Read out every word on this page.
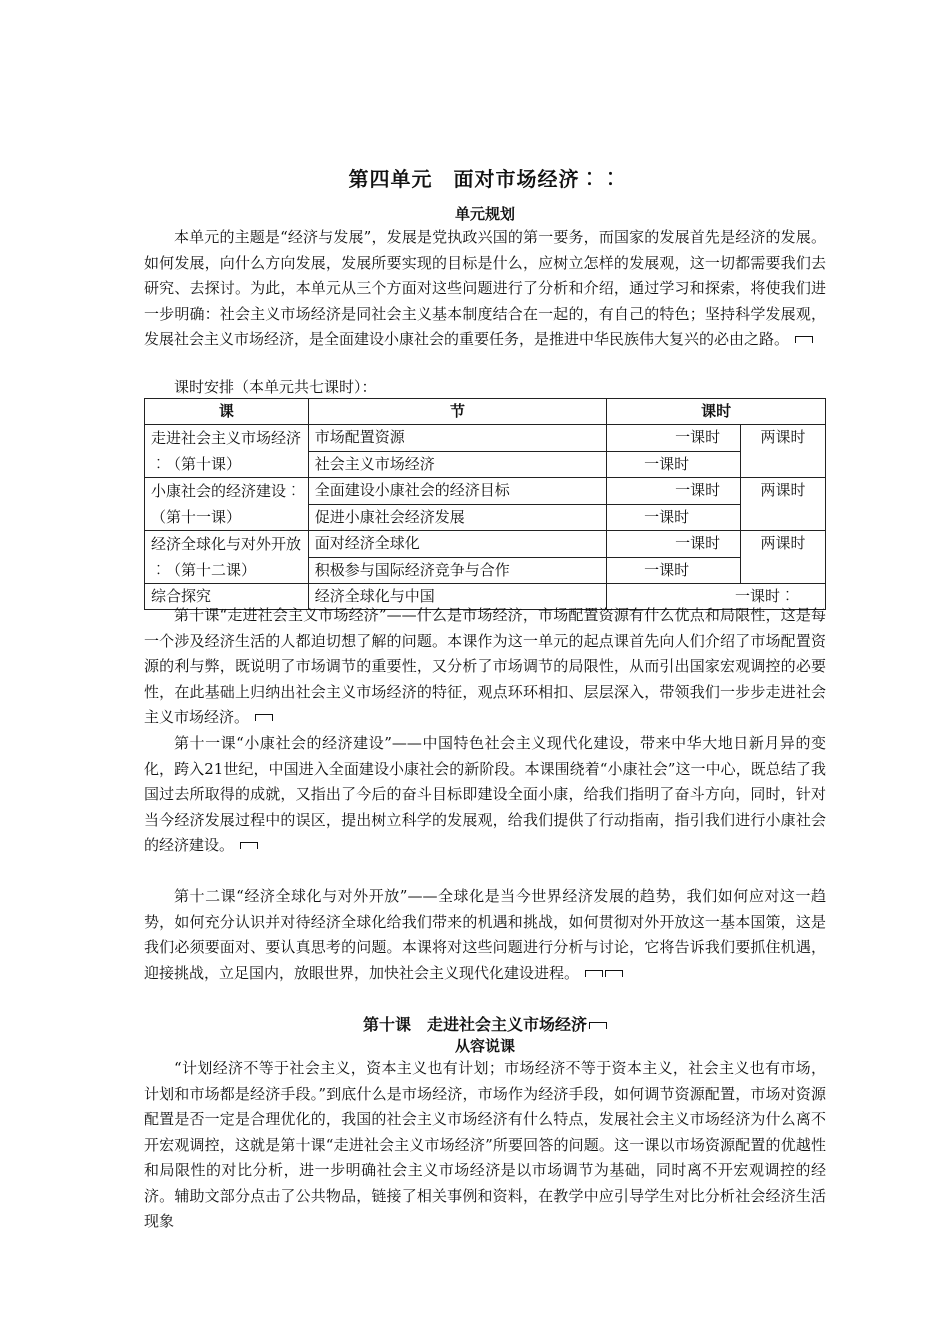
第四单元　面对市场经济︰︰
单元规划
本单元的主题是“经济与发展”，发展是党执政兴国的第一要务，而国家的发展首先是经济的发展。如何发展，向什么方向发展，发展所要实现的目标是什么，应树立怎样的发展观，这一切都需要我们去研究、去探讨。为此，本单元从三个方面对这些问题进行了分析和介绍，通过学习和探索，将使我们进一步明确：社会主义市场经济是同社会主义基本制度结合在一起的，有自己的特色；坚持科学发展观，发展社会主义市场经济，是全面建设小康社会的重要任务，是推进中华民族伟大复兴的必由之路。
课时安排（本单元共七课时）：
课	节	课时	
走进社会主义市场经济︰（第十课）	市场配置资源	一课时	两课时
	社会主义市场经济	一课时	
小康社会的经济建设︰（第十一课）	全面建设小康社会的经济目标	一课时	两课时
	促进小康社会经济发展	一课时	
经济全球化与对外开放︰（第十二课）	面对经济全球化	一课时	两课时
	积极参与国际经济竞争与合作	一课时	
综合探究	经济全球化与中国	一课时︰	
第十课“走进社会主义市场经济”——什么是市场经济，市场配置资源有什么优点和局限性，这是每一个涉及经济生活的人都迫切想了解的问题。本课作为这一单元的起点课首先向人们介绍了市场配置资源的利与弊，既说明了市场调节的重要性，又分析了市场调节的局限性，从而引出国家宏观调控的必要性，在此基础上归纳出社会主义市场经济的特征，观点环环相扣、层层深入，带领我们一步步走进社会主义市场经济。
第十一课“小康社会的经济建设”——中国特色社会主义现代化建设，带来中华大地日新月异的变化，跨入21世纪，中国进入全面建设小康社会的新阶段。本课围绕着“小康社会”这一中心，既总结了我国过去所取得的成就，又指出了今后的奋斗目标即建设全面小康，给我们指明了奋斗方向，同时，针对当今经济发展过程中的误区，提出树立科学的发展观，给我们提供了行动指南，指引我们进行小康社会的经济建设。
第十二课“经济全球化与对外开放”——全球化是当今世界经济发展的趋势，我们如何应对这一趋势，如何充分认识并对待经济全球化给我们带来的机遇和挑战，如何贯彻对外开放这一基本国策，这是我们必须要面对、要认真思考的问题。本课将对这些问题进行分析与讨论，它将告诉我们要抓住机遇，迎接挑战，立足国内，放眼世界，加快社会主义现代化建设进程。
第十课　走进社会主义市场经济
从容说课
“计划经济不等于社会主义，资本主义也有计划；市场经济不等于资本主义，社会主义也有市场，计划和市场都是经济手段。”到底什么是市场经济，市场作为经济手段，如何调节资源配置，市场对资源配置是否一定是合理优化的，我国的社会主义市场经济有什么特点，发展社会主义市场经济为什么离不开宏观调控，这就是第十课“走进社会主义市场经济”所要回答的问题。这一课以市场资源配置的优越性和局限性的对比分析，进一步明确社会主义市场经济是以市场调节为基础，同时离不开宏观调控的经济。辅助文部分点击了公共物品，链接了相关事例和资料，在教学中应引导学生对比分析社会经济生活现象
